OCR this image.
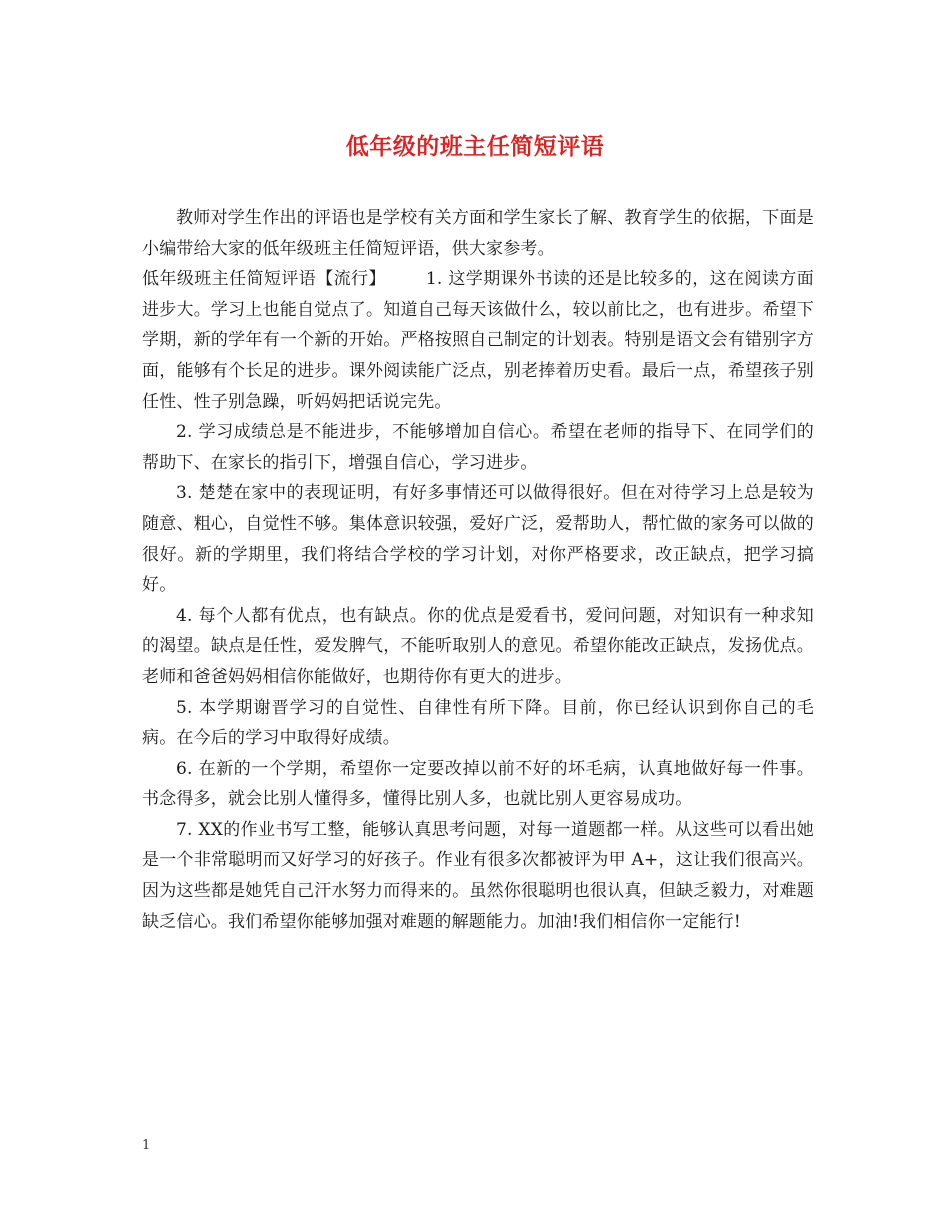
低年级的班主任简短评语

教师对学生作出的评语也是学校有关方面和学生家长了解、教育学生的依据，下面是小编带给大家的低年级班主任简短评语，供大家参考。

低年级班主任简短评语【流行】 1. 这学期课外书读的还是比较多的，这在阅读方面进步大。学习上也能自觉点了。知道自己每天该做什么，较以前比之，也有进步。希望下学期，新的学年有一个新的开始。严格按照自己制定的计划表。特别是语文会有错别字方面，能够有个长足的进步。课外阅读能广泛点，别老捧着历史看。最后一点，希望孩子别任性、性子别急躁，听妈妈把话说完先。

2. 学习成绩总是不能进步，不能够增加自信心。希望在老师的指导下、在同学们的帮助下、在家长的指引下，增强自信心，学习进步。

3. 楚楚在家中的表现证明，有好多事情还可以做得很好。但在对待学习上总是较为随意、粗心，自觉性不够。集体意识较强，爱好广泛，爱帮助人，帮忙做的家务可以做的很好。新的学期里，我们将结合学校的学习计划，对你严格要求，改正缺点，把学习搞好。

4. 每个人都有优点，也有缺点。你的优点是爱看书，爱问问题，对知识有一种求知的渴望。缺点是任性，爱发脾气，不能听取别人的意见。希望你能改正缺点，发扬优点。老师和爸爸妈妈相信你能做好，也期待你有更大的进步。

5. 本学期谢晋学习的自觉性、自律性有所下降。目前，你已经认识到你自己的毛病。在今后的学习中取得好成绩。

6. 在新的一个学期，希望你一定要改掉以前不好的坏毛病，认真地做好每一件事。书念得多，就会比别人懂得多，懂得比别人多，也就比别人更容易成功。

7. XX的作业书写工整，能够认真思考问题，对每一道题都一样。从这些可以看出她是一个非常聪明而又好学习的好孩子。作业有很多次都被评为甲 A+，这让我们很高兴。因为这些都是她凭自己汗水努力而得来的。虽然你很聪明也很认真，但缺乏毅力，对难题缺乏信心。我们希望你能够加强对难题的解题能力。加油!我们相信你一定能行!

1
